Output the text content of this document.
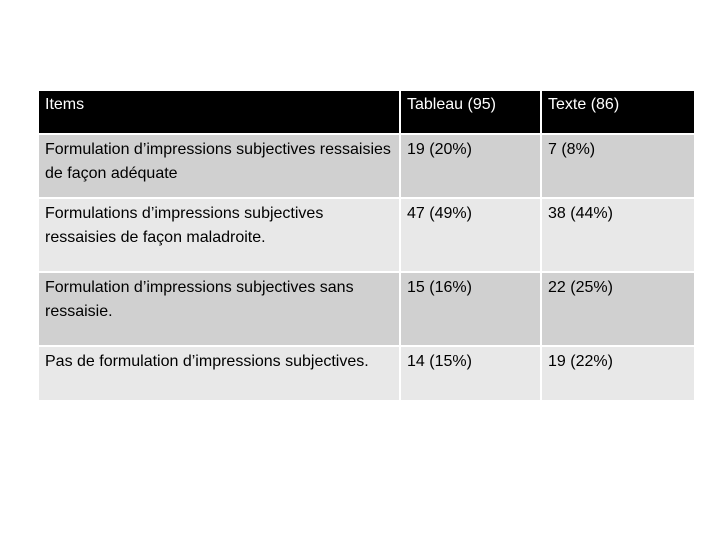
Items	Tableau (95)	Texte (86)
Formulation d’impressions subjectives ressaisies de façon adéquate	19 (20%)	7 (8%)
Formulations d’impressions subjectives ressaisies de façon maladroite.	47 (49%)	38 (44%)
Formulation d’impressions subjectives sans ressaisie.	15 (16%)	22 (25%)
Pas de formulation d’impressions subjectives.	14 (15%)	19 (22%)
